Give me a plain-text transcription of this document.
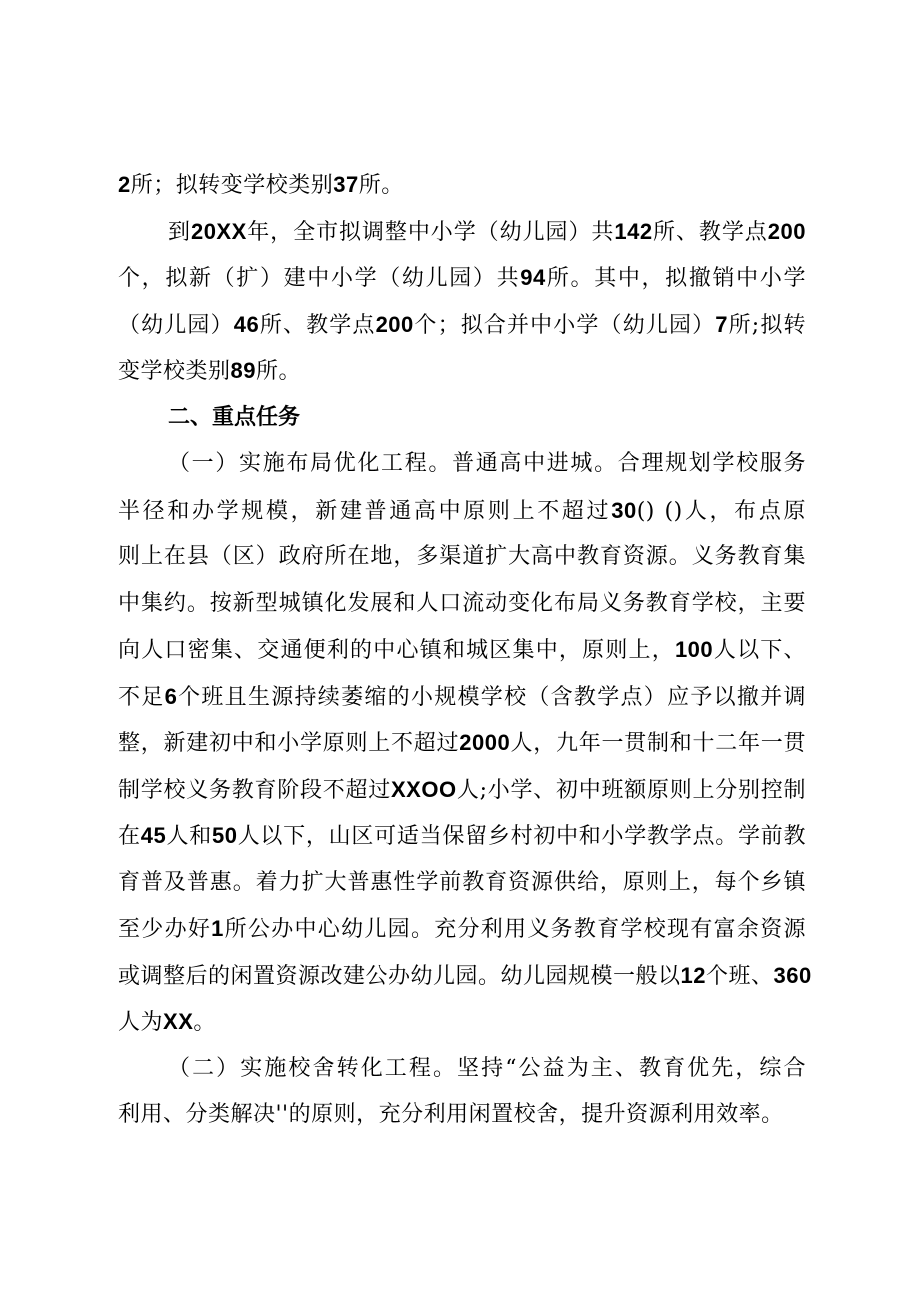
2所；拟转变学校类别37所。
到20XX年，全市拟调整中小学（幼儿园）共142所、教学点200
个，拟新（扩）建中小学（幼儿园）共94所。其中，拟撤销中小学
（幼儿园）46所、教学点200个；拟合并中小学（幼儿园）7所;拟转
变学校类别89所。
二、重点任务
（一）实施布局优化工程。普通高中进城。合理规划学校服务
半径和办学规模，新建普通高中原则上不超过30() ()人，布点原
则上在县（区）政府所在地，多渠道扩大高中教育资源。义务教育集
中集约。按新型城镇化发展和人口流动变化布局义务教育学校，主要
向人口密集、交通便利的中心镇和城区集中，原则上，100人以下、
不足6个班且生源持续萎缩的小规模学校（含教学点）应予以撤并调
整，新建初中和小学原则上不超过2000人，九年一贯制和十二年一贯
制学校义务教育阶段不超过XXOO人;小学、初中班额原则上分别控制
在45人和50人以下，山区可适当保留乡村初中和小学教学点。学前教
育普及普惠。着力扩大普惠性学前教育资源供给，原则上，每个乡镇
至少办好1所公办中心幼儿园。充分利用义务教育学校现有富余资源
或调整后的闲置资源改建公办幼儿园。幼儿园规模一般以12个班、360
人为XX。
（二）实施校舍转化工程。坚持“公益为主、教育优先，综合
利用、分类解决''的原则，充分利用闲置校舍，提升资源利用效率。
